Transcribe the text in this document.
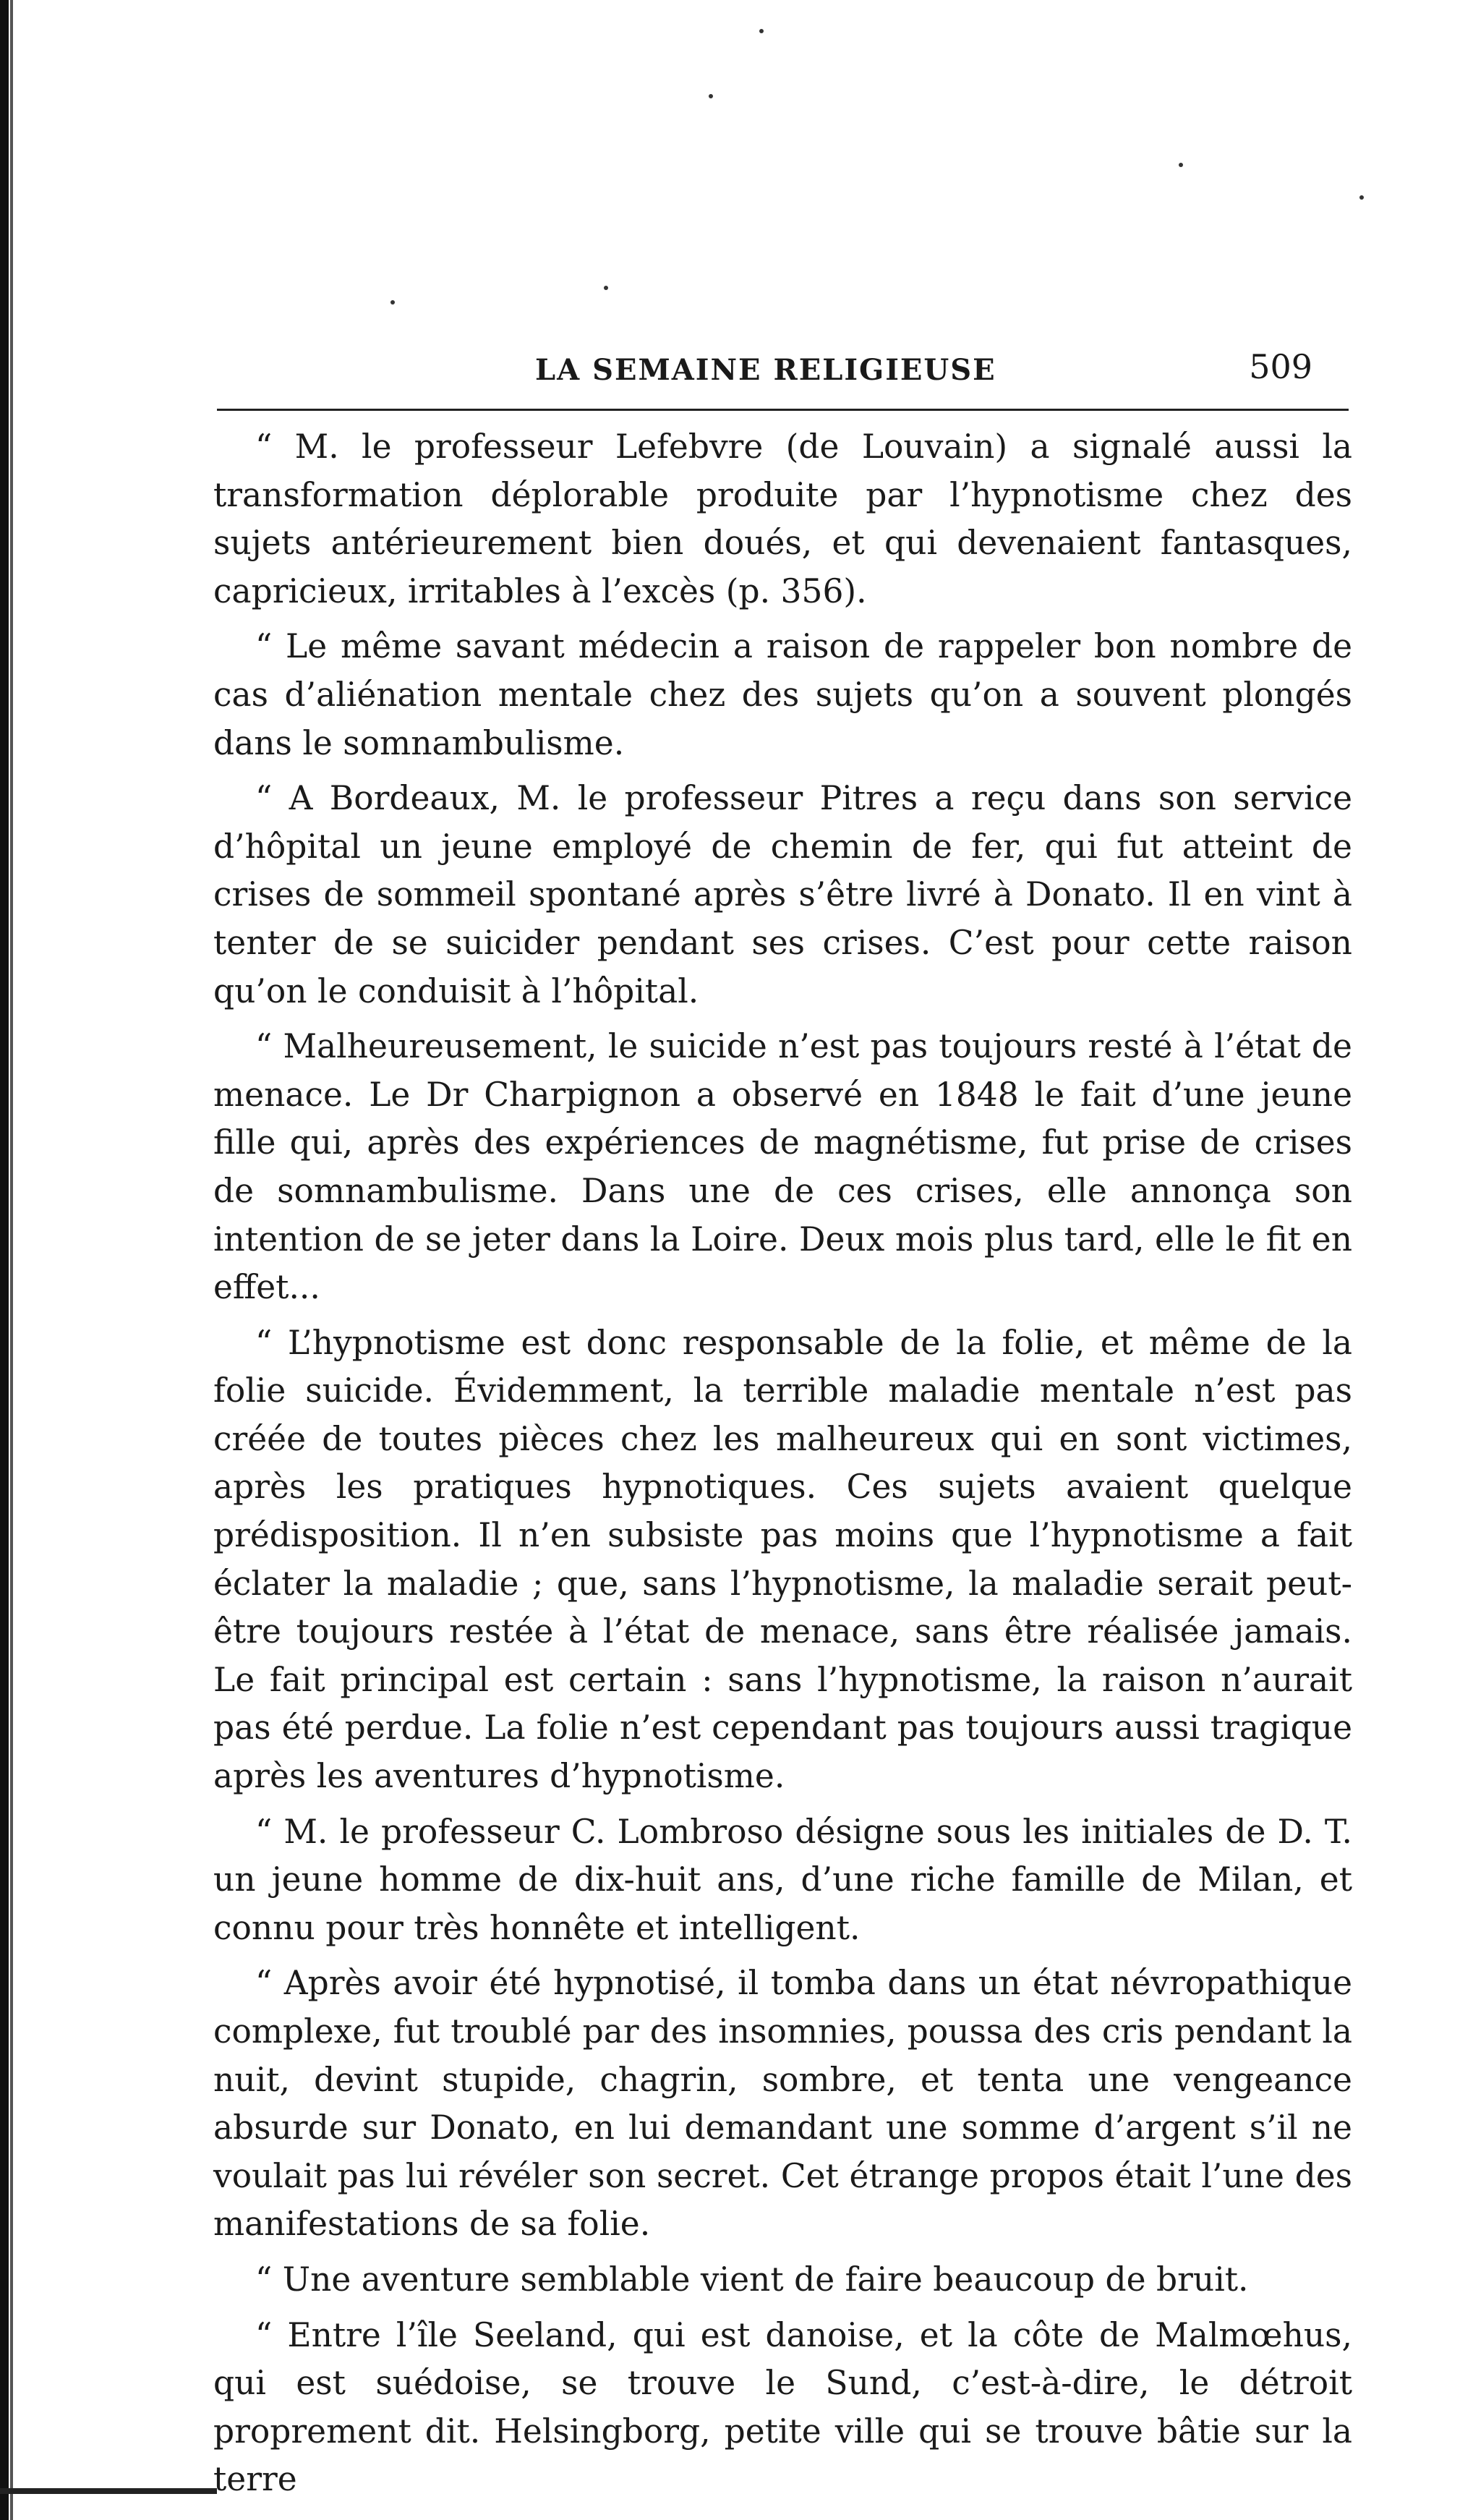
LA SEMAINE RELIGIEUSE	509

“ M. le professeur Lefebvre (de Louvain) a signalé aussi la transformation déplorable produite par l’hypnotisme chez des sujets antérieurement bien doués, et qui devenaient fantasques, capricieux, irritables à l’excès (p. 356).

“ Le même savant médecin a raison de rappeler bon nombre de cas d’aliénation mentale chez des sujets qu’on a souvent plongés dans le somnambulisme.

“ A Bordeaux, M. le professeur Pitres a reçu dans son service d’hôpital un jeune employé de chemin de fer, qui fut atteint de crises de sommeil spontané après s’être livré à Donato. Il en vint à tenter de se suicider pendant ses crises. C’est pour cette raison qu’on le conduisit à l’hôpital.

“ Malheureusement, le suicide n’est pas toujours resté à l’état de menace. Le Dr Charpignon a observé en 1848 le fait d’une jeune fille qui, après des expériences de magnétisme, fut prise de crises de somnambulisme. Dans une de ces crises, elle annonça son intention de se jeter dans la Loire. Deux mois plus tard, elle le fit en effet...

“ L’hypnotisme est donc responsable de la folie, et même de la folie suicide. Évidemment, la terrible maladie mentale n’est pas créée de toutes pièces chez les malheureux qui en sont victimes, après les pratiques hypnotiques. Ces sujets avaient quelque prédisposition. Il n’en subsiste pas moins que l’hypnotisme a fait éclater la maladie ; que, sans l’hypnotisme, la maladie serait peut-être toujours restée à l’état de menace, sans être réalisée jamais. Le fait principal est certain : sans l’hypnotisme, la raison n’aurait pas été perdue. La folie n’est cependant pas toujours aussi tragique après les aventures d’hypnotisme.

“ M. le professeur C. Lombroso désigne sous les initiales de D. T. un jeune homme de dix-huit ans, d’une riche famille de Milan, et connu pour très honnête et intelligent.

“ Après avoir été hypnotisé, il tomba dans un état névropathique complexe, fut troublé par des insomnies, poussa des cris pendant la nuit, devint stupide, chagrin, sombre, et tenta une vengeance absurde sur Donato, en lui demandant une somme d’argent s’il ne voulait pas lui révéler son secret. Cet étrange propos était l’une des manifestations de sa folie.

“ Une aventure semblable vient de faire beaucoup de bruit.

“ Entre l’île Seeland, qui est danoise, et la côte de Malmœhus, qui est suédoise, se trouve le Sund, c’est-à-dire, le détroit proprement dit. Helsingborg, petite ville qui se trouve bâtie sur la terre
